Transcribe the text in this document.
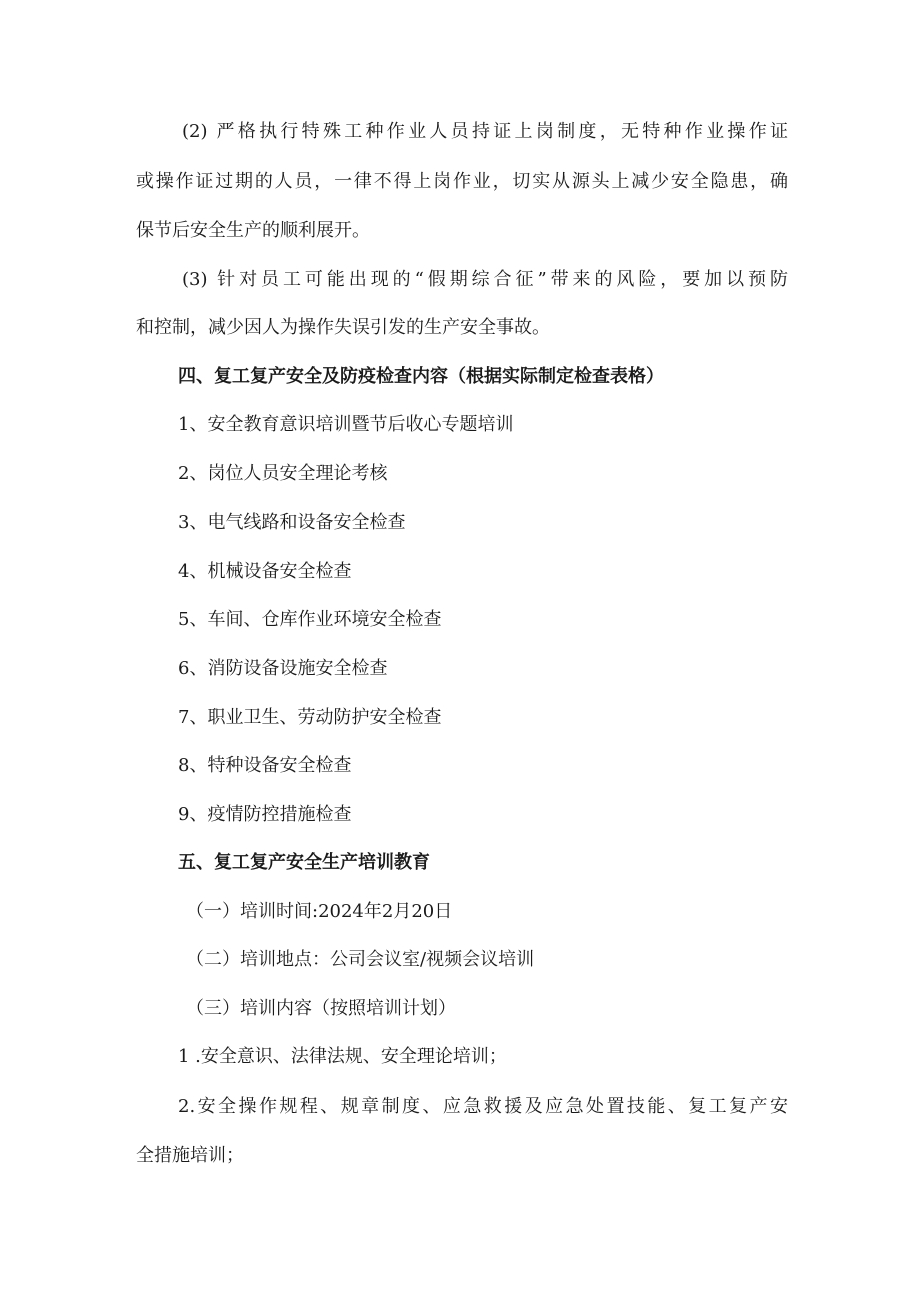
(2) 严格执行特殊工种作业人员持证上岗制度，无特种作业操作证
或操作证过期的人员，一律不得上岗作业，切实从源头上减少安全隐患，确
保节后安全生产的顺利展开。
(3) 针对员工可能出现的“假期综合征”带来的风险，要加以预防
和控制，减少因人为操作失误引发的生产安全事故。
四、复工复产安全及防疫检查内容（根据实际制定检查表格）
1、安全教育意识培训暨节后收心专题培训
2、岗位人员安全理论考核
3、电气线路和设备安全检查
4、机械设备安全检查
5、车间、仓库作业环境安全检查
6、消防设备设施安全检查
7、职业卫生、劳动防护安全检查
8、特种设备安全检查
9、疫情防控措施检查
五、复工复产安全生产培训教育
（一）培训时间:2024年2月20日
（二）培训地点：公司会议室/视频会议培训
（三）培训内容（按照培训计划）
1 .安全意识、法律法规、安全理论培训；
2.安全操作规程、规章制度、应急救援及应急处置技能、复工复产安
全措施培训；
